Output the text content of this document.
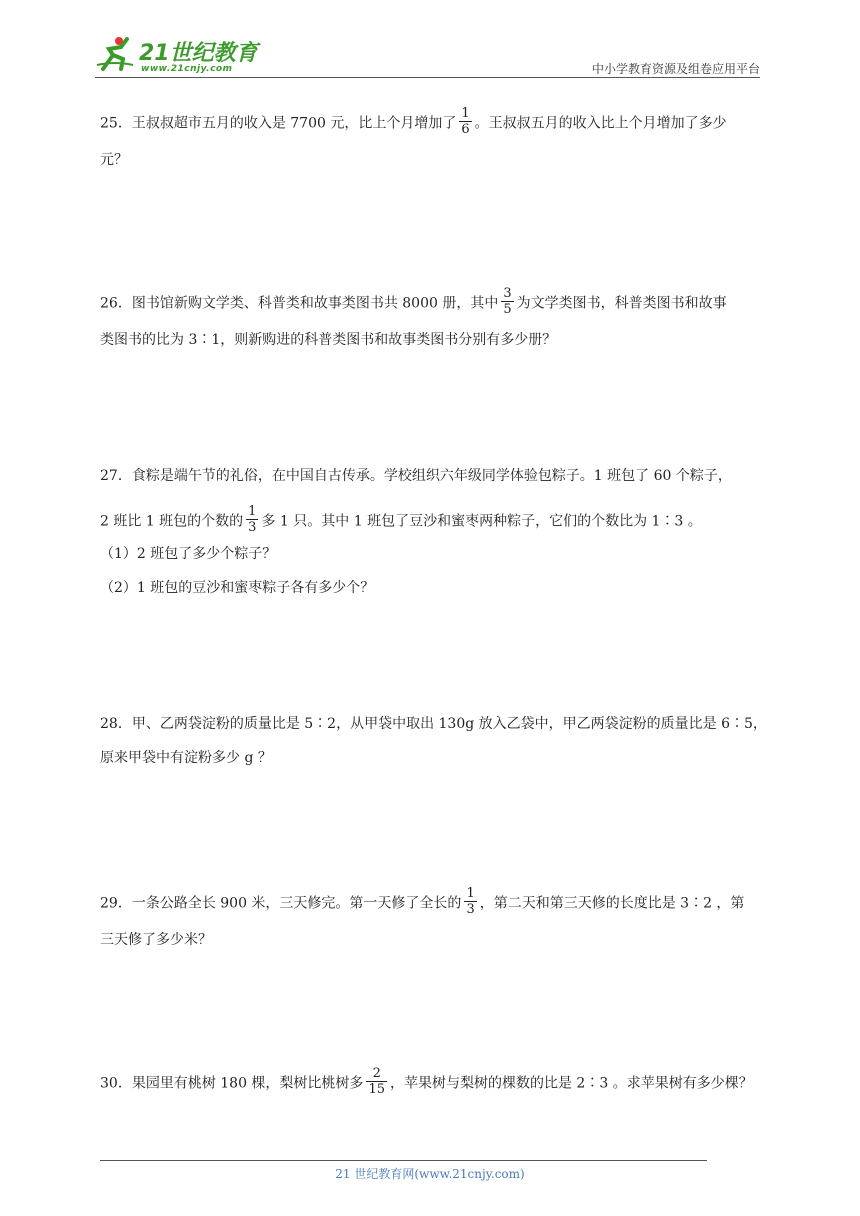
21世纪教育
www.21cnjy.com	中小学教育资源及组卷应用平台
25．王叔叔超市五月的收入是 7700 元，比上个月增加了 $\frac{1}{6}$ 。王叔叔五月的收入比上个月增加了多少
元？
26．图书馆新购文学类、科普类和故事类图书共 8000 册，其中 $\frac{3}{5}$ 为文学类图书，科普类图书和故事
类图书的比为 3∶1，则新购进的科普类图书和故事类图书分别有多少册？
27．食粽是端午节的礼俗，在中国自古传承。学校组织六年级同学体验包粽子。1 班包了 60 个粽子，
2 班比 1 班包的个数的 $\frac{1}{3}$ 多 1 只。其中 1 班包了豆沙和蜜枣两种粽子，它们的个数比为 1∶3 。
（1）2 班包了多少个粽子？
（2）1 班包的豆沙和蜜枣粽子各有多少个？
28．甲、乙两袋淀粉的质量比是 5∶2，从甲袋中取出 130g 放入乙袋中，甲乙两袋淀粉的质量比是 6∶5，
原来甲袋中有淀粉多少 g ？
29．一条公路全长 900 米，三天修完。第一天修了全长的 $\frac{1}{3}$ ，第二天和第三天修的长度比是 3∶2 ，第
三天修了多少米？
30．果园里有桃树 180 棵，梨树比桃树多 $\frac{2}{15}$ ，苹果树与梨树的棵数的比是 2∶3 。求苹果树有多少棵？
21 世纪教育网(www.21cnjy.com)
